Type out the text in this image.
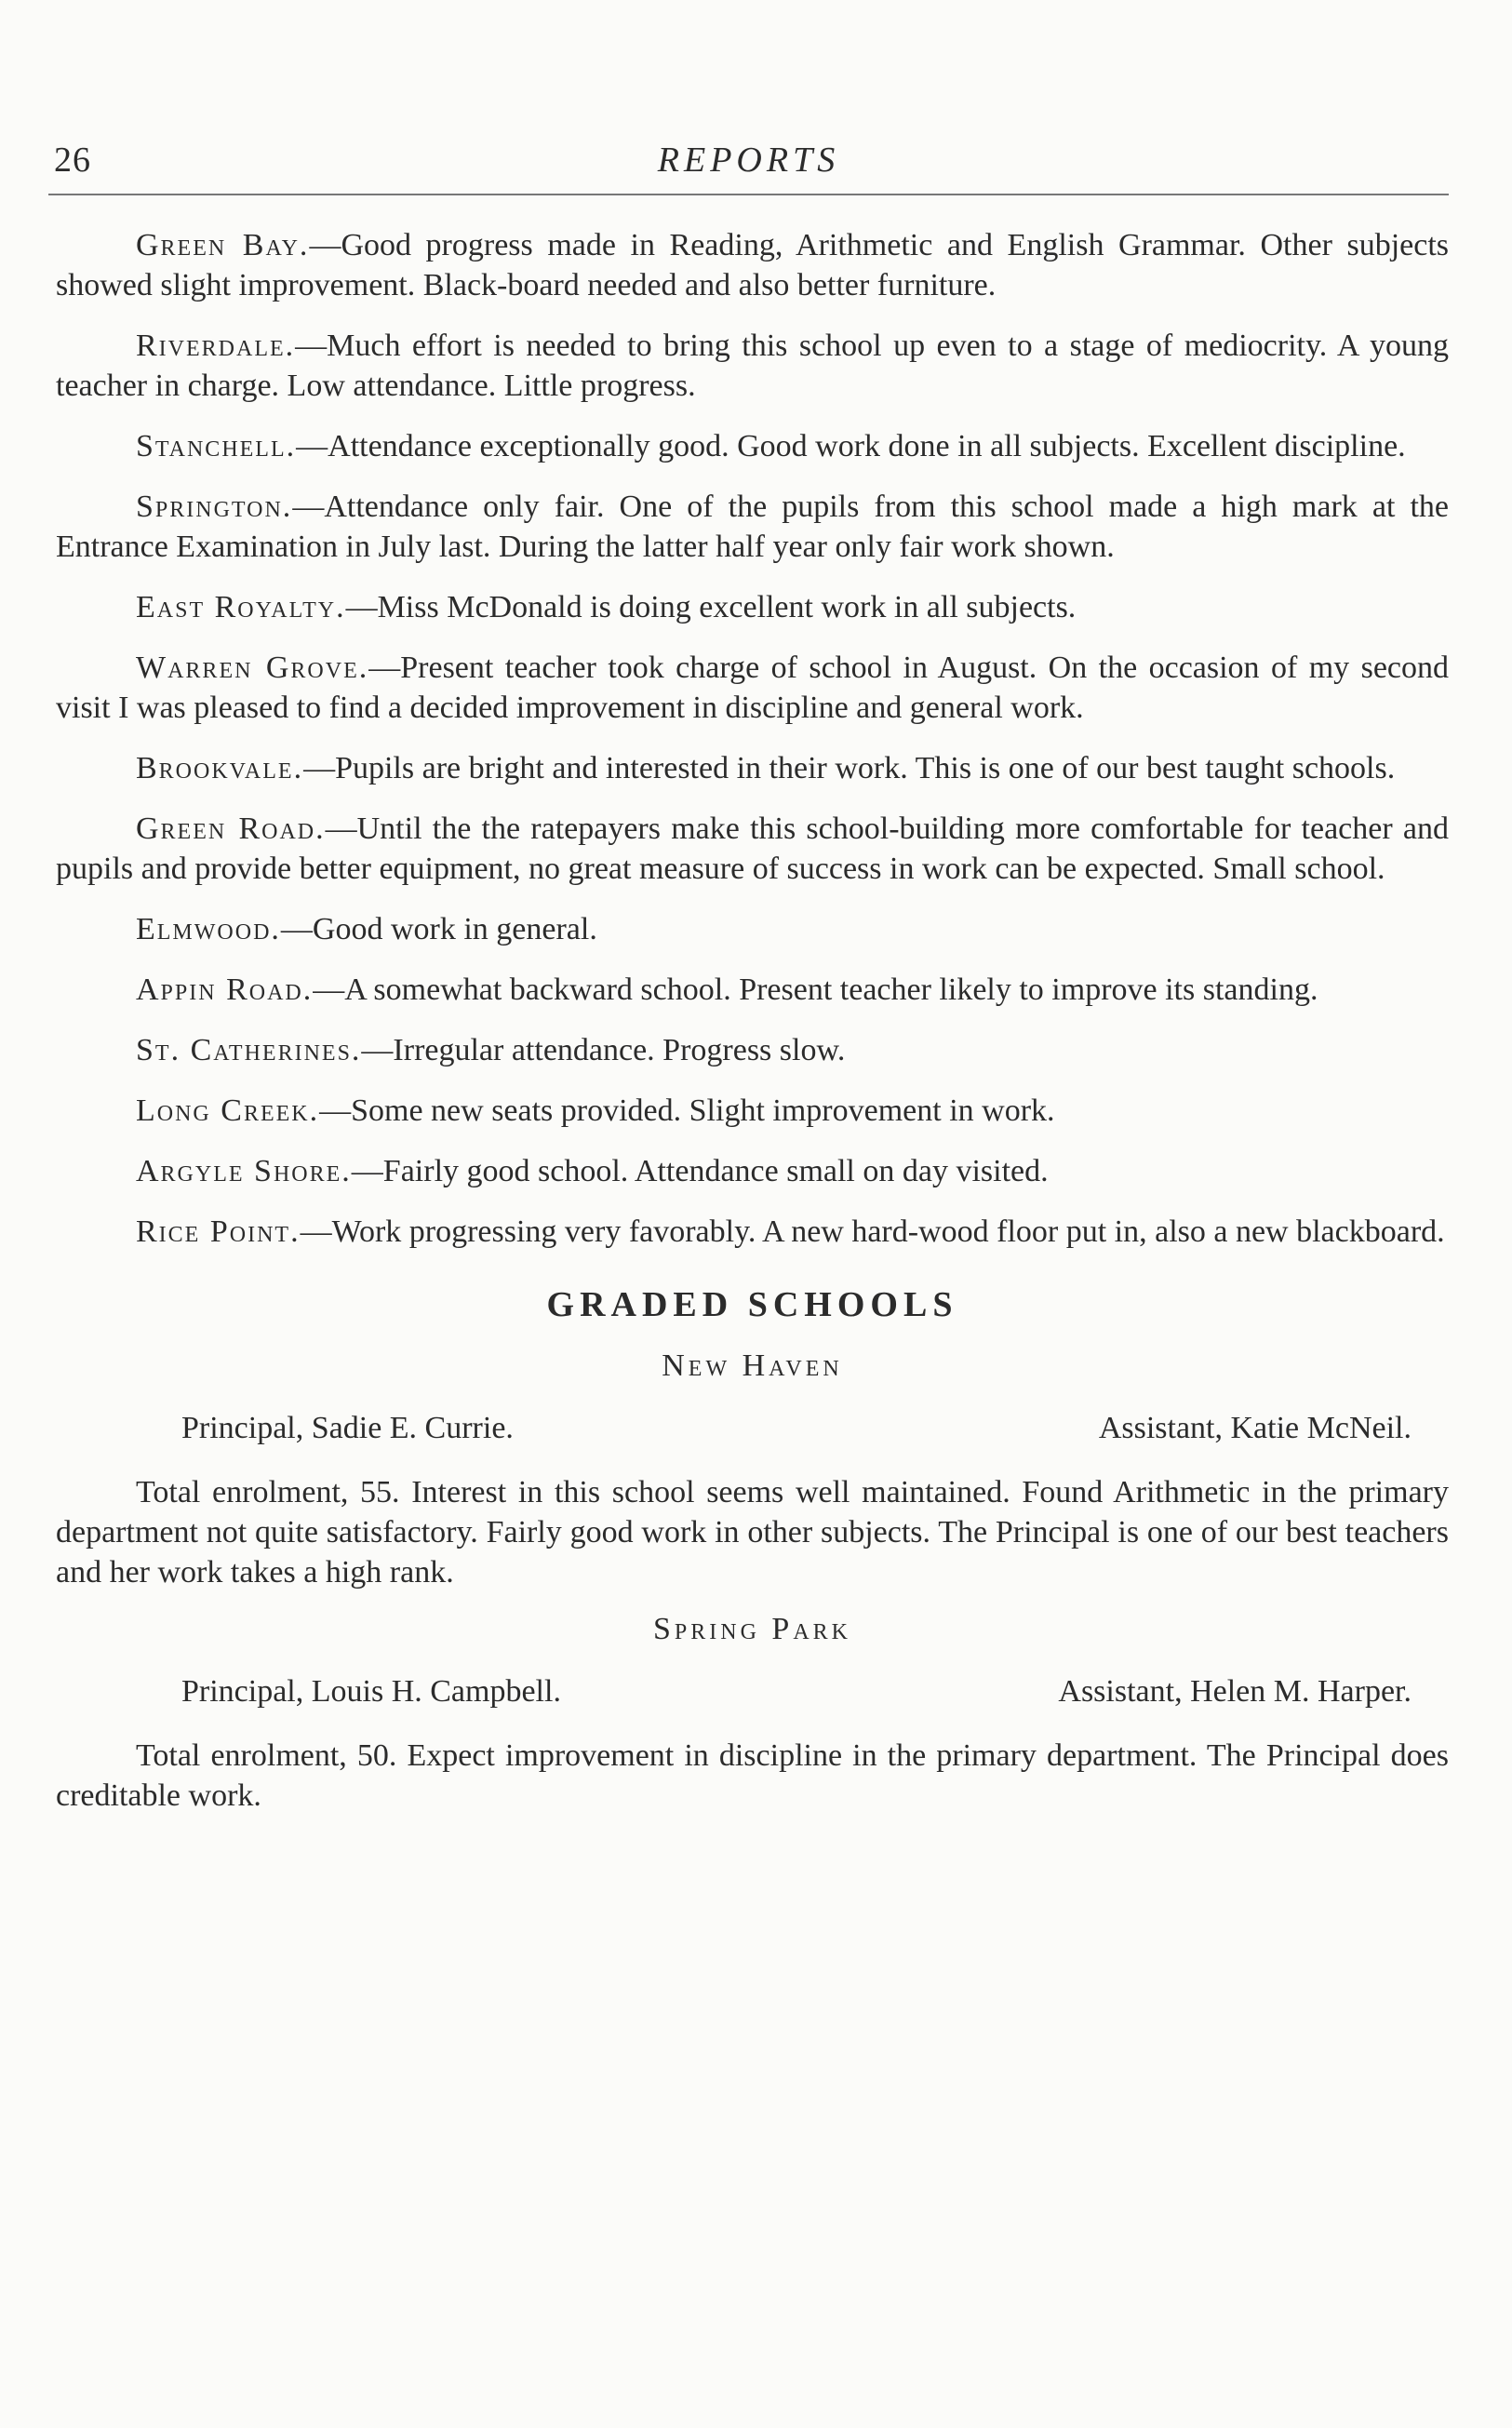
26	REPORTS

Green Bay.—Good progress made in Reading, Arithmetic and English Grammar. Other subjects showed slight improvement. Black-board needed and also better furniture.

Riverdale.—Much effort is needed to bring this school up even to a stage of mediocrity. A young teacher in charge. Low attendance. Little progress.

Stanchell.—Attendance exceptionally good. Good work done in all subjects. Excellent discipline.

Springton.—Attendance only fair. One of the pupils from this school made a high mark at the Entrance Examination in July last. During the latter half year only fair work shown.

East Royalty.—Miss McDonald is doing excellent work in all subjects.

Warren Grove.—Present teacher took charge of school in August. On the occasion of my second visit I was pleased to find a decided improvement in discipline and general work.

Brookvale.—Pupils are bright and interested in their work. This is one of our best taught schools.

Green Road.—Until the the ratepayers make this school-building more comfortable for teacher and pupils and provide better equipment, no great measure of success in work can be expected. Small school.

Elmwood.—Good work in general.

Appin Road.—A somewhat backward school. Present teacher likely to improve its standing.

St. Catherines.—Irregular attendance. Progress slow.

Long Creek.—Some new seats provided. Slight improvement in work.

Argyle Shore.—Fairly good school. Attendance small on day visited.

Rice Point.—Work progressing very favorably. A new hard-wood floor put in, also a new blackboard.

GRADED SCHOOLS
New Haven
Principal, Sadie E. Currie.	Assistant, Katie McNeil.

Total enrolment, 55. Interest in this school seems well maintained. Found Arithmetic in the primary department not quite satisfactory. Fairly good work in other subjects. The Principal is one of our best teachers and her work takes a high rank.

Spring Park
Principal, Louis H. Campbell.	Assistant, Helen M. Harper.

Total enrolment, 50. Expect improvement in discipline in the primary department. The Principal does creditable work.
